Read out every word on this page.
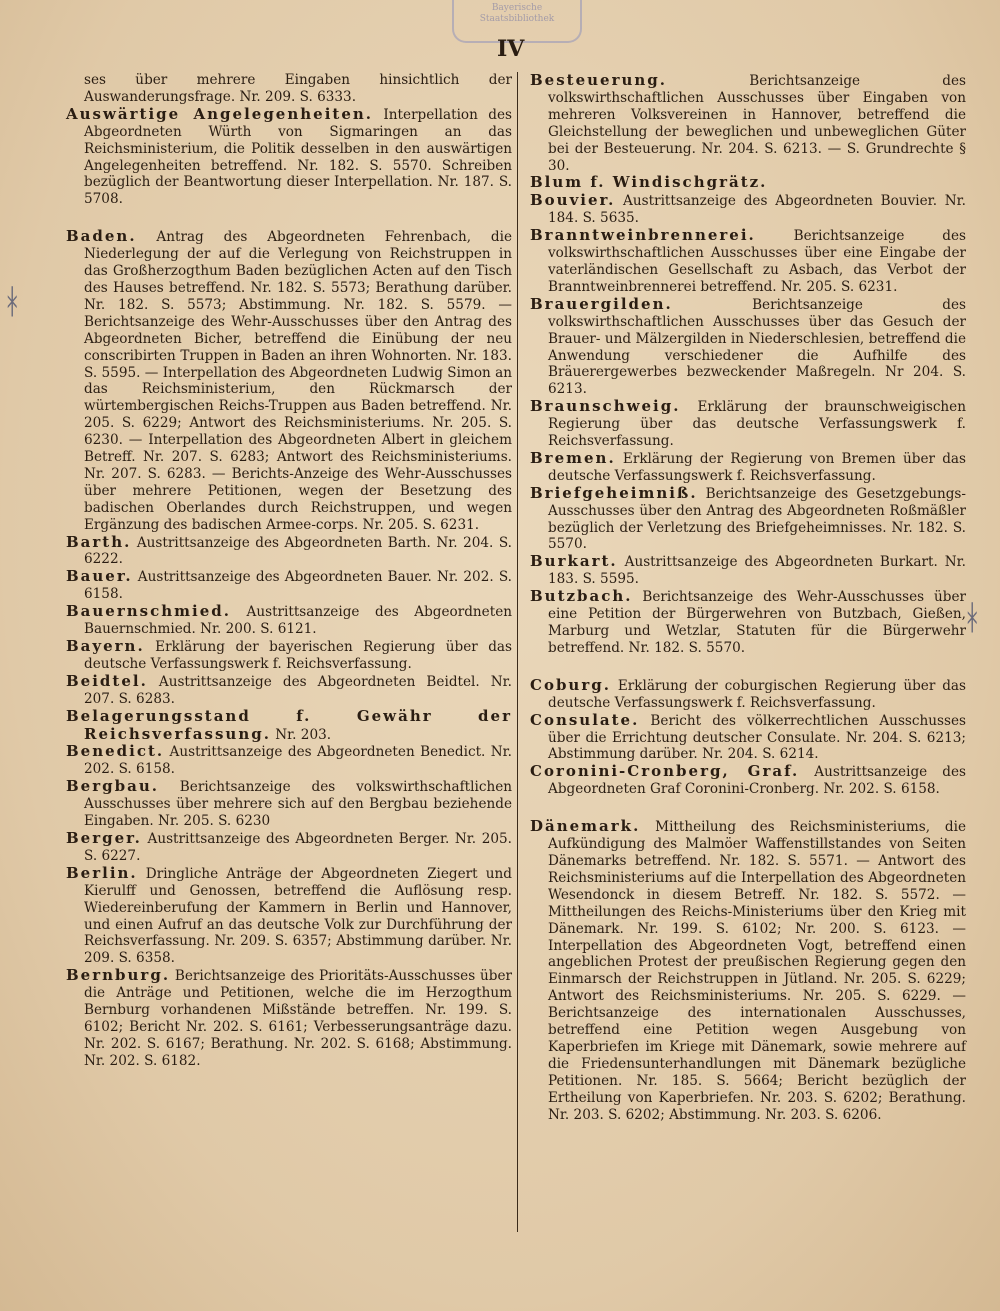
Bayerische Staatsbibliothek
IV
ᚼ
ᚼ
ses über mehrere Eingaben hinsichtlich der Auswanderungsfrage. Nr. 209. S. 6333.
Auswärtige Angelegenheiten. Interpellation des Abgeordneten Würth von Sigmaringen an das Reichsministerium, die Politik desselben in den auswärtigen Angelegenheiten betreffend. Nr. 182. S. 5570. Schreiben bezüglich der Beantwortung dieser Interpellation. Nr. 187. S. 5708.
Baden. Antrag des Abgeordneten Fehrenbach, die Niederlegung der auf die Verlegung von Reichstruppen in das Großherzogthum Baden bezüglichen Acten auf den Tisch des Hauses betreffend. Nr. 182. S. 5573; Berathung darüber. Nr. 182. S. 5573; Abstimmung. Nr. 182. S. 5579. — Berichtsanzeige des Wehr-Ausschusses über den Antrag des Abgeordneten Bicher, betreffend die Einübung der neu conscribirten Truppen in Baden an ihren Wohnorten. Nr. 183. S. 5595. — Interpellation des Abgeordneten Ludwig Simon an das Reichsministerium, den Rückmarsch der würtembergischen Reichs-Truppen aus Baden betreffend. Nr. 205. S. 6229; Antwort des Reichsministeriums. Nr. 205. S. 6230. — Interpellation des Abgeordneten Albert in gleichem Betreff. Nr. 207. S. 6283; Antwort des Reichsministeriums. Nr. 207. S. 6283. — Berichts-Anzeige des Wehr-Ausschusses über mehrere Petitionen, wegen der Besetzung des badischen Oberlandes durch Reichstruppen, und wegen Ergänzung des badischen Armee-corps. Nr. 205. S. 6231.
Barth. Austrittsanzeige des Abgeordneten Barth. Nr. 204. S. 6222.
Bauer. Austrittsanzeige des Abgeordneten Bauer. Nr. 202. S. 6158.
Bauernschmied. Austrittsanzeige des Abgeordneten Bauernschmied. Nr. 200. S. 6121.
Bayern. Erklärung der bayerischen Regierung über das deutsche Verfassungswerk f. Reichsverfassung.
Beidtel. Austrittsanzeige des Abgeordneten Beidtel. Nr. 207. S. 6283.
Belagerungsstand f. Gewähr der Reichsverfassung. Nr. 203.
Benedict. Austrittsanzeige des Abgeordneten Benedict. Nr. 202. S. 6158.
Bergbau. Berichtsanzeige des volkswirthschaftlichen Ausschusses über mehrere sich auf den Bergbau beziehende Eingaben. Nr. 205. S. 6230
Berger. Austrittsanzeige des Abgeordneten Berger. Nr. 205. S. 6227.
Berlin. Dringliche Anträge der Abgeordneten Ziegert und Kierulff und Genossen, betreffend die Auflösung resp. Wiedereinberufung der Kammern in Berlin und Hannover, und einen Aufruf an das deutsche Volk zur Durchführung der Reichsverfassung. Nr. 209. S. 6357; Abstimmung darüber. Nr. 209. S. 6358.
Bernburg. Berichtsanzeige des Prioritäts-Ausschusses über die Anträge und Petitionen, welche die im Herzogthum Bernburg vorhandenen Mißstände betreffen. Nr. 199. S. 6102; Bericht Nr. 202. S. 6161; Verbesserungsanträge dazu. Nr. 202. S. 6167; Berathung. Nr. 202. S. 6168; Abstimmung. Nr. 202. S. 6182.
Besteuerung. Berichtsanzeige des volkswirthschaftlichen Ausschusses über Eingaben von mehreren Volksvereinen in Hannover, betreffend die Gleichstellung der beweglichen und unbeweglichen Güter bei der Besteuerung. Nr. 204. S. 6213. — S. Grundrechte § 30.
Blum f. Windischgrätz.
Bouvier. Austrittsanzeige des Abgeordneten Bouvier. Nr. 184. S. 5635.
Branntweinbrennerei. Berichtsanzeige des volkswirthschaftlichen Ausschusses über eine Eingabe der vaterländischen Gesellschaft zu Asbach, das Verbot der Branntweinbrennerei betreffend. Nr. 205. S. 6231.
Brauergilden. Berichtsanzeige des volkswirthschaftlichen Ausschusses über das Gesuch der Brauer- und Mälzergilden in Niederschlesien, betreffend die Anwendung verschiedener die Aufhilfe des Bräuerergewerbes bezweckender Maßregeln. Nr 204. S. 6213.
Braunschweig. Erklärung der braunschweigischen Regierung über das deutsche Verfassungswerk f. Reichsverfassung.
Bremen. Erklärung der Regierung von Bremen über das deutsche Verfassungswerk f. Reichsverfassung.
Briefgeheimniß. Berichtsanzeige des Gesetzgebungs-Ausschusses über den Antrag des Abgeordneten Roßmäßler bezüglich der Verletzung des Briefgeheimnisses. Nr. 182. S. 5570.
Burkart. Austrittsanzeige des Abgeordneten Burkart. Nr. 183. S. 5595.
Butzbach. Berichtsanzeige des Wehr-Ausschusses über eine Petition der Bürgerwehren von Butzbach, Gießen, Marburg und Wetzlar, Statuten für die Bürgerwehr betreffend. Nr. 182. S. 5570.
Coburg. Erklärung der coburgischen Regierung über das deutsche Verfassungswerk f. Reichsverfassung.
Consulate. Bericht des völkerrechtlichen Ausschusses über die Errichtung deutscher Consulate. Nr. 204. S. 6213; Abstimmung darüber. Nr. 204. S. 6214.
Coronini-Cronberg, Graf. Austrittsanzeige des Abgeordneten Graf Coronini-Cronberg. Nr. 202. S. 6158.
Dänemark. Mittheilung des Reichsministeriums, die Aufkündigung des Malmöer Waffenstillstandes von Seiten Dänemarks betreffend. Nr. 182. S. 5571. — Antwort des Reichsministeriums auf die Interpellation des Abgeordneten Wesendonck in diesem Betreff. Nr. 182. S. 5572. — Mittheilungen des Reichs-Ministeriums über den Krieg mit Dänemark. Nr. 199. S. 6102; Nr. 200. S. 6123. — Interpellation des Abgeordneten Vogt, betreffend einen angeblichen Protest der preußischen Regierung gegen den Einmarsch der Reichstruppen in Jütland. Nr. 205. S. 6229; Antwort des Reichsministeriums. Nr. 205. S. 6229. — Berichtsanzeige des internationalen Ausschusses, betreffend eine Petition wegen Ausgebung von Kaperbriefen im Kriege mit Dänemark, sowie mehrere auf die Friedensunterhandlungen mit Dänemark bezügliche Petitionen. Nr. 185. S. 5664; Bericht bezüglich der Ertheilung von Kaperbriefen. Nr. 203. S. 6202; Berathung. Nr. 203. S. 6202; Abstimmung. Nr. 203. S. 6206.
